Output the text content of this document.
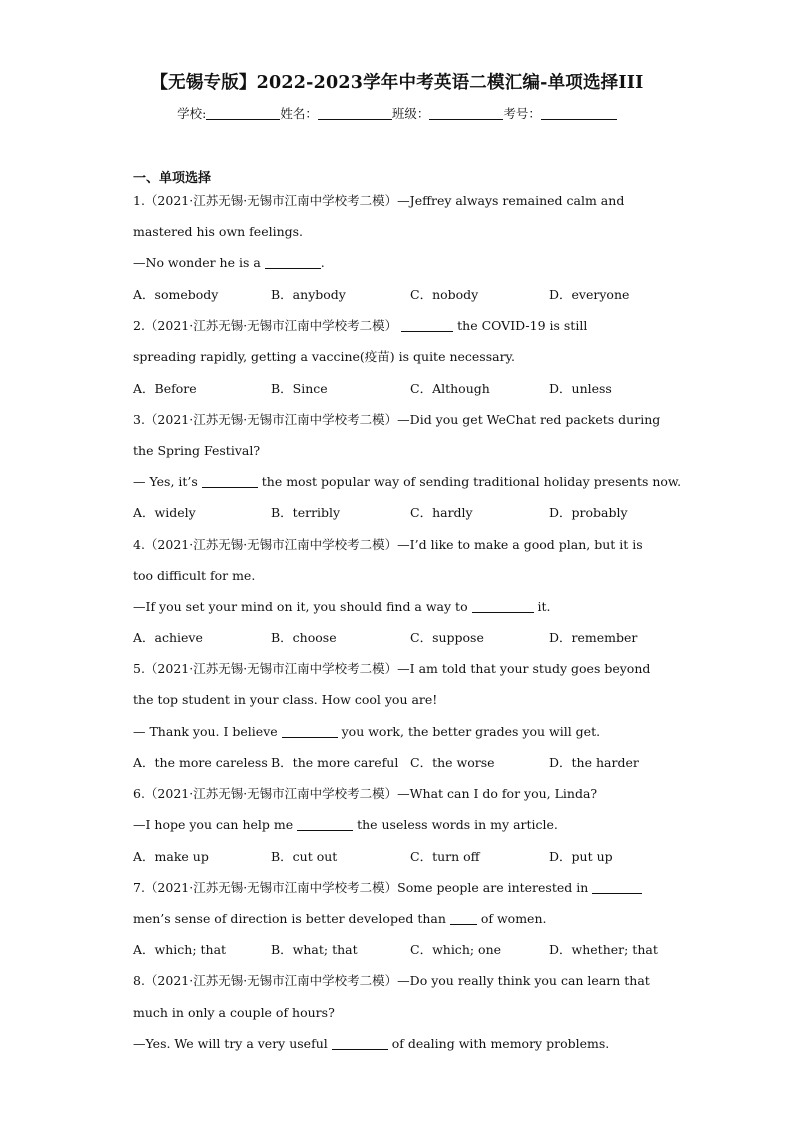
【无锡专版】2022-2023学年中考英语二模汇编-单项选择III
学校:	姓名：	班级：	考号：
一、单项选择
1.（2021·江苏无锡·无锡市江南中学校考二模）—Jeffrey always remained calm and
mastered his own feelings.
—No wonder he is a	.
A．somebody	B．anybody	C．nobody	D．everyone
2.（2021·江苏无锡·无锡市江南中学校考二模）	the COVID-19 is still
spreading rapidly, getting a vaccine(疫苗) is quite necessary.
A．Before	B．Since	C．Although	D．unless
3.（2021·江苏无锡·无锡市江南中学校考二模）—Did you get WeChat red packets during
the Spring Festival?
— Yes, it’s	the most popular way of sending traditional holiday presents now.
A．widely	B．terribly	C．hardly	D．probably
4.（2021·江苏无锡·无锡市江南中学校考二模）—I’d like to make a good plan, but it is
too difficult for me.
—If you set your mind on it, you should find a way to	it.
A．achieve	B．choose	C．suppose	D．remember
5.（2021·江苏无锡·无锡市江南中学校考二模）—I am told that your study goes beyond
the top student in your class. How cool you are!
— Thank you. I believe	you work, the better grades you will get.
A．the more careless B．the more careful C．the worse	D．the harder
6.（2021·江苏无锡·无锡市江南中学校考二模）—What can I do for you, Linda?
—I hope you can help me	the useless words in my article.
A．make up	B．cut out	C．turn off	D．put up
7.（2021·江苏无锡·无锡市江南中学校考二模）Some people are interested in
men’s sense of direction is better developed than  of women.
A．which; that	B．what; that	C．which; one	D．whether; that
8.（2021·江苏无锡·无锡市江南中学校考二模）—Do you really think you can learn that
much in only a couple of hours?
—Yes. We will try a very useful	of dealing with memory problems.
